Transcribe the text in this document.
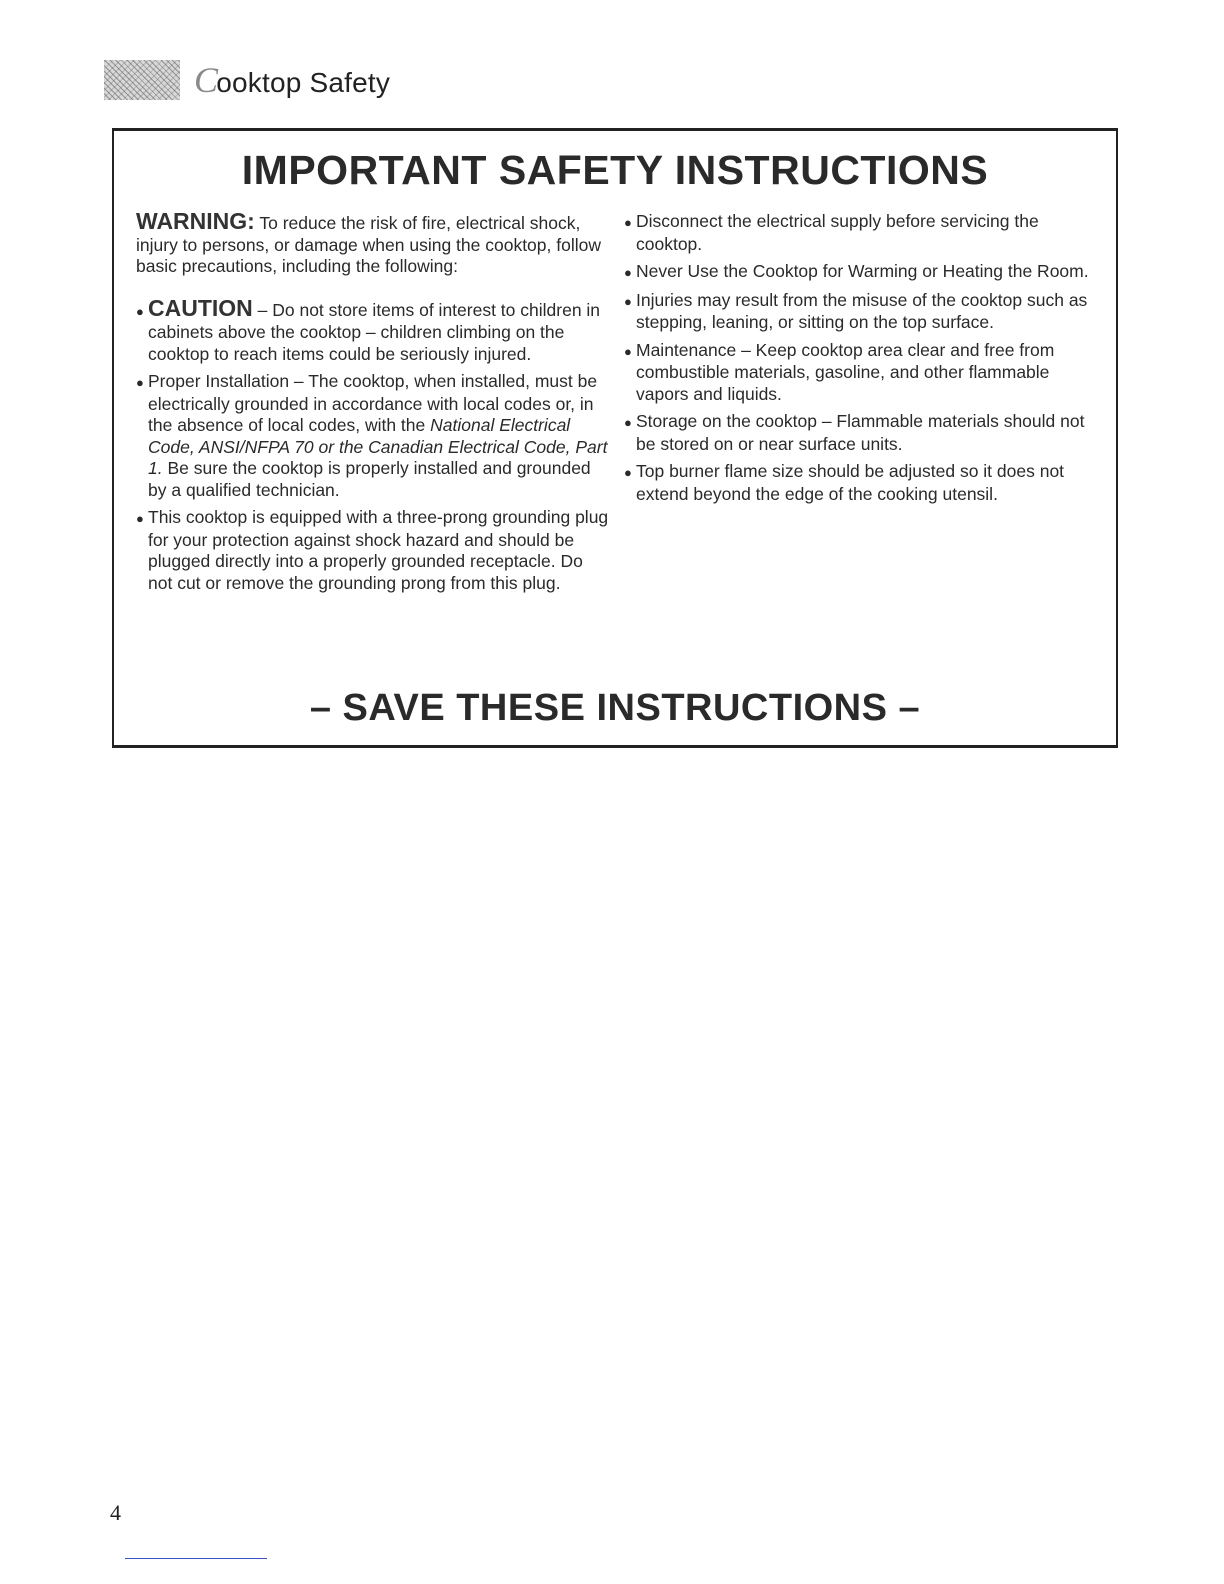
Cooktop Safety
IMPORTANT SAFETY INSTRUCTIONS

WARNING: To reduce the risk of fire, electrical shock, injury to persons, or damage when using the cooktop, follow basic precautions, including the following:

● CAUTION – Do not store items of interest to children in cabinets above the cooktop – children climbing on the cooktop to reach items could be seriously injured.

● Proper Installation – The cooktop, when installed, must be electrically grounded in accordance with local codes or, in the absence of local codes, with the National Electrical Code, ANSI/NFPA 70 or the Canadian Electrical Code, Part 1. Be sure the cooktop is properly installed and grounded by a qualified technician.

● This cooktop is equipped with a three-prong grounding plug for your protection against shock hazard and should be plugged directly into a properly grounded receptacle. Do not cut or remove the grounding prong from this plug.

● Disconnect the electrical supply before servicing the cooktop.

● Never Use the Cooktop for Warming or Heating the Room.

● Injuries may result from the misuse of the cooktop such as stepping, leaning, or sitting on the top surface.

● Maintenance – Keep cooktop area clear and free from combustible materials, gasoline, and other flammable vapors and liquids.

● Storage on the cooktop – Flammable materials should not be stored on or near surface units.

● Top burner flame size should be adjusted so it does not extend beyond the edge of the cooking utensil.

– SAVE THESE INSTRUCTIONS –
4
